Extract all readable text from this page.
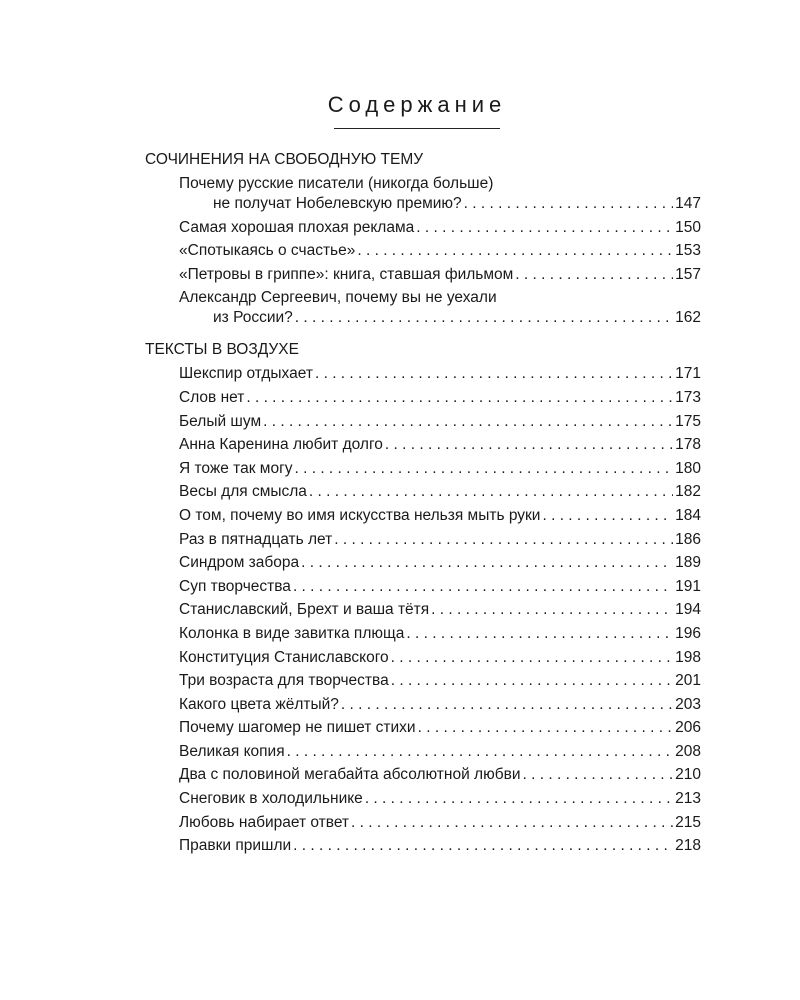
Содержание
СОЧИНЕНИЯ НА СВОБОДНУЮ ТЕМУ
Почему русские писатели (никогда больше)
не получат Нобелевскую премию? . . .	147
Самая хорошая плохая реклама . . .	150
«Спотыкаясь о счастье» . . .	153
«Петровы в гриппе»: книга, ставшая фильмом . . .	157
Александр Сергеевич, почему вы не уехали
из России? . . .	162
ТЕКСТЫ В ВОЗДУХЕ
Шекспир отдыхает . . .	171
Слов нет . . .	173
Белый шум . . .	175
Анна Каренина любит долго . . .	178
Я тоже так могу . . .	180
Весы для смысла . . .	182
О том, почему во имя искусства нельзя мыть руки . . .	184
Раз в пятнадцать лет . . .	186
Синдром забора . . .	189
Суп творчества . . .	191
Станиславский, Брехт и ваша тётя . . .	194
Колонка в виде завитка плюща . . .	196
Конституция Станиславского . . .	198
Три возраста для творчества . . .	201
Какого цвета жёлтый? . . .	203
Почему шагомер не пишет стихи . . .	206
Великая копия . . .	208
Два с половиной мегабайта абсолютной любви . . .	210
Снеговик в холодильнике . . .	213
Любовь набирает ответ . . .	215
Правки пришли . . .	218
